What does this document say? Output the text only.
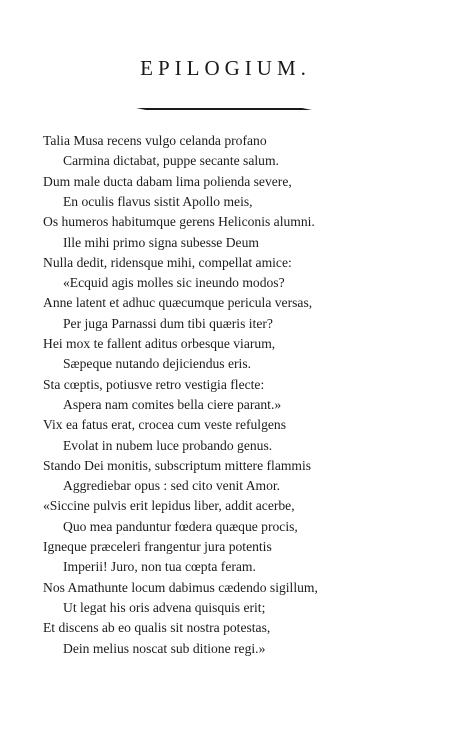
EPILOGIUM.
Talia Musa recens vulgo celanda profano
Carmina dictabat, puppe secante salum.
Dum male ducta dabam lima polienda severe,
En oculis flavus sistit Apollo meis,
Os humeros habitumque gerens Heliconis alumni.
Ille mihi primo signa subesse Deum
Nulla dedit, ridensque mihi, compellat amice:
«Ecquid agis molles sic ineundo modos?
Anne latent et adhuc quæcumque pericula versas,
Per juga Parnassi dum tibi quæris iter?
Hei mox te fallent aditus orbesque viarum,
Sæpeque nutando dejiciendus eris.
Sta cœptis, potiusve retro vestigia flecte:
Aspera nam comites bella ciere parant.»
Vix ea fatus erat, crocea cum veste refulgens
Evolat in nubem luce probando genus.
Stando Dei monitis, subscriptum mittere flammis
Aggrediebar opus : sed cito venit Amor.
«Siccine pulvis erit lepidus liber, addit acerbe,
Quo mea panduntur fœdera quæque procis,
Igneque præceleri frangentur jura potentis
Imperii! Juro, non tua cœpta feram.
Nos Amathunte locum dabimus cædendo sigillum,
Ut legat his oris advena quisquis erit;
Et discens ab eo qualis sit nostra potestas,
Dein melius noscat sub ditione regi.»
